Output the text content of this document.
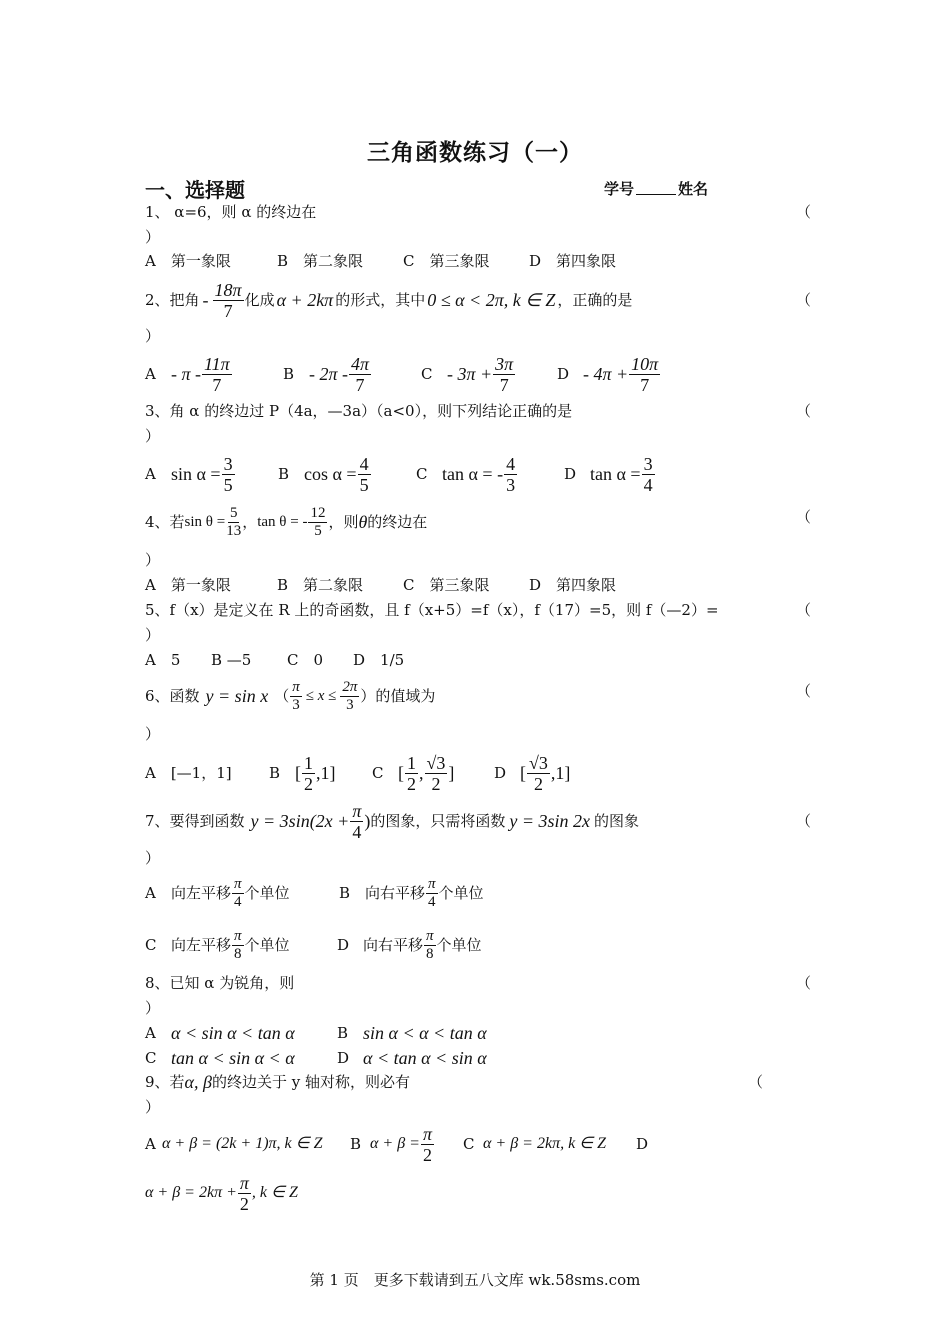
三角函数练习（一）
一、选择题	学号	姓名
1、 α=6，则 α 的终边在	（
）
A　第一象限	B　第二象限	C　第三象限	D　第四象限
2、把角 - $\frac{18\pi}{7}$ 化成 α + 2kπ 的形式，其中 0 ≤ α < 2π, k ∈ Z ，正确的是	（
）
A - π - $\frac{11\pi}{7}$	B - $2\pi - \frac{4\pi}{7}$	$C - 3\pi + \frac{3\pi}{7}$	$D - 4\pi + \frac{10\pi}{7}$
3、角 α 的终边过 P（4a，—3a）（a<0），则下列结论正确的是	（
）
A $\sin \alpha = \frac{3}{5}$	B $\cos \alpha = \frac{4}{5}$	C tan α = - $\frac{4}{3}$	D $\tan \alpha = \frac{3}{4}$
4、若 $\sin \theta = \frac{5}{13}$ ， tan θ = - $\frac{12}{5}$ ，则 θ 的终边在	（
）
A　第一象限	B　第二象限	C　第三象限	D　第四象限
5、f（x）是定义在 R 上的奇函数，且 f（x+5）=f（x），f（17）=5，则 f（—2）=	（
）
A　5 B —5 C　0 D　1/5
6、函数 y = sin x （ $\frac{\pi}{3} \le x \le \frac{2\pi}{3}$ ） 的值域为	（
）
A　[—1，1]	B [ $\frac{1}{2}$ , 1 ] C [ $\frac{1}{2}$ , $\frac{√3}{2}$ ]	D [ $\frac{√3}{2}$ , 1 ]
7、要得到函数 $y = 3\sin(2x + \frac{\pi}{4}$ ) 的图象，只需将函数 y = 3sin 2x 的图象	（
）
A	向左平移 $\frac{\pi}{4}$ 个单位	B 向右平移 $\frac{\pi}{4}$ 个单位
C 向左平移 $\frac{\pi}{8}$ 个单位	D 向右平移 $\frac{\pi}{8}$ 个单位
8、已知 α 为锐角，则	（
）
A α < sin α < tan α	B sin α < α < tan α
C tan α < sin α < α	D α < tan α < sin α
9、若 α, β 的终边关于 y 轴对称，则必有	（
）
A α + β = (2k + 1)π, k ∈ Z B $\alpha + \beta = \frac{\pi}{2}$ C α + β = 2kπ, k ∈ Z D
$\alpha + \beta = 2k\pi + \frac{\pi}{2}$ , k ∈ Z
第 1 页　更多下载请到五八文库 wk.58sms.com
